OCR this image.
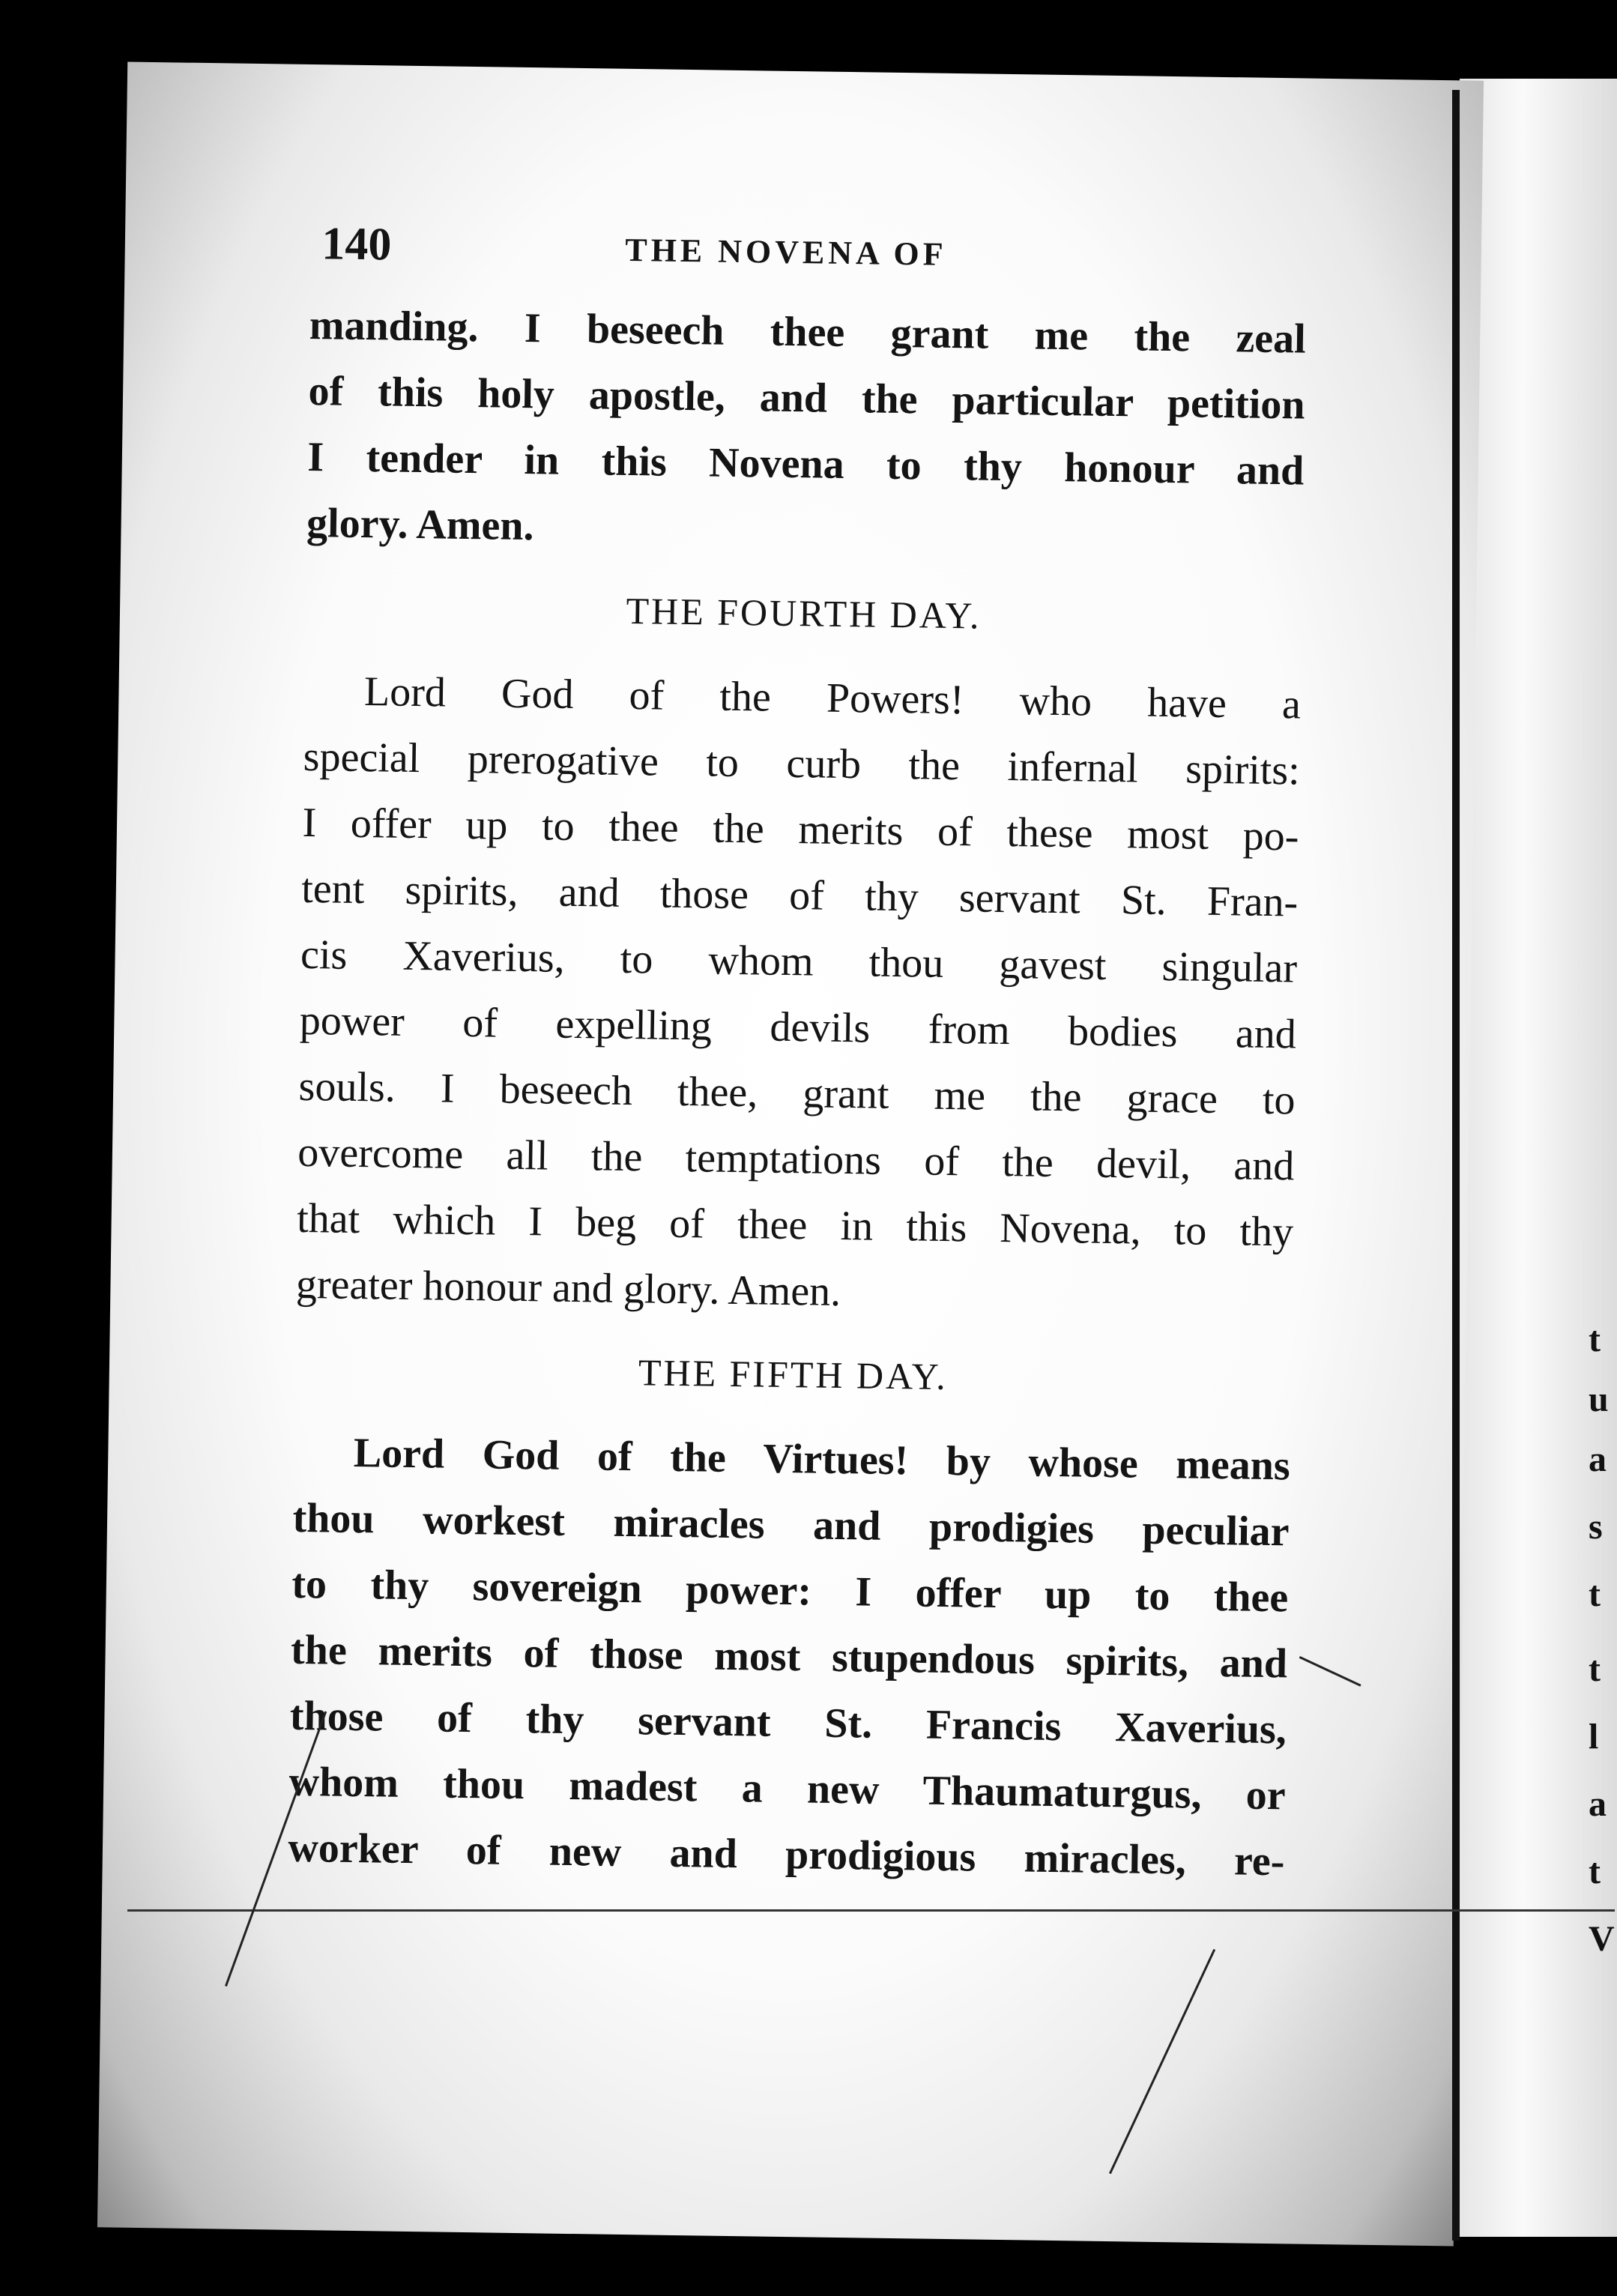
t
u
a
s
t
t
l
a
t
V
140	THE NOVENA OF

manding. I beseech thee grant me the zeal
of this holy apostle, and the particular petition
I tender in this Novena to thy honour and
glory. Amen.

THE FOURTH DAY.

Lord God of the Powers! who have a
special prerogative to curb the infernal spirits:
I offer up to thee the merits of these most po-
tent spirits, and those of thy servant St. Fran-
cis Xaverius, to whom thou gavest singular
power of expelling devils from bodies and
souls. I beseech thee, grant me the grace to
overcome all the temptations of the devil, and
that which I beg of thee in this Novena, to thy
greater honour and glory. Amen.

THE FIFTH DAY.

Lord God of the Virtues! by whose means
thou workest miracles and prodigies peculiar
to thy sovereign power: I offer up to thee
the merits of those most stupendous spirits, and
those of thy servant St. Francis Xaverius,
whom thou madest a new Thaumaturgus, or
worker of new and prodigious miracles, re-
